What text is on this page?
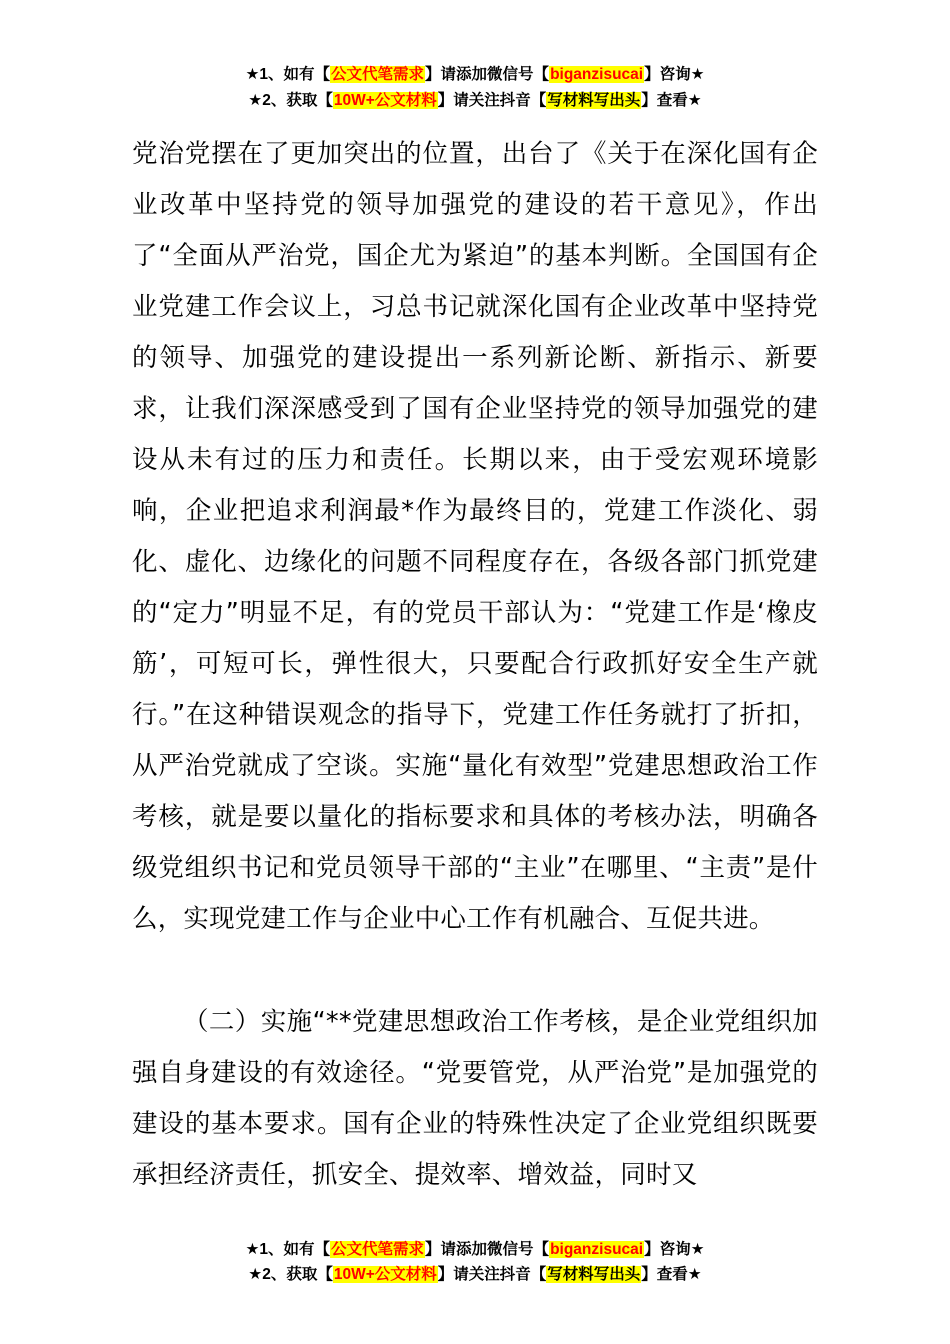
★1、如有【公文代笔需求】请添加微信号【biganzisucai】咨询★
★2、获取【10W+公文材料】请关注抖音【写材料写出头】查看★

党治党摆在了更加突出的位置，出台了《关于在深化国有企业改革中坚持党的领导加强党的建设的若干意见》，作出了“全面从严治党，国企尤为紧迫”的基本判断。全国国有企业党建工作会议上，习总书记就深化国有企业改革中坚持党的领导、加强党的建设提出一系列新论断、新指示、新要求，让我们深深感受到了国有企业坚持党的领导加强党的建设从未有过的压力和责任。长期以来，由于受宏观环境影响，企业把追求利润最*作为最终目的，党建工作淡化、弱化、虚化、边缘化的问题不同程度存在，各级各部门抓党建的“定力”明显不足，有的党员干部认为：“党建工作是‘橡皮筋’，可短可长，弹性很大，只要配合行政抓好安全生产就行。”在这种错误观念的指导下，党建工作任务就打了折扣，从严治党就成了空谈。实施“量化有效型”党建思想政治工作考核，就是要以量化的指标要求和具体的考核办法，明确各级党组织书记和党员领导干部的“主业”在哪里、“主责”是什么，实现党建工作与企业中心工作有机融合、互促共进。

（二）实施“**党建思想政治工作考核，是企业党组织加强自身建设的有效途径。“党要管党，从严治党”是加强党的建设的基本要求。国有企业的特殊性决定了企业党组织既要承担经济责任，抓安全、提效率、增效益，同时又

★1、如有【公文代笔需求】请添加微信号【biganzisucai】咨询★
★2、获取【10W+公文材料】请关注抖音【写材料写出头】查看★
